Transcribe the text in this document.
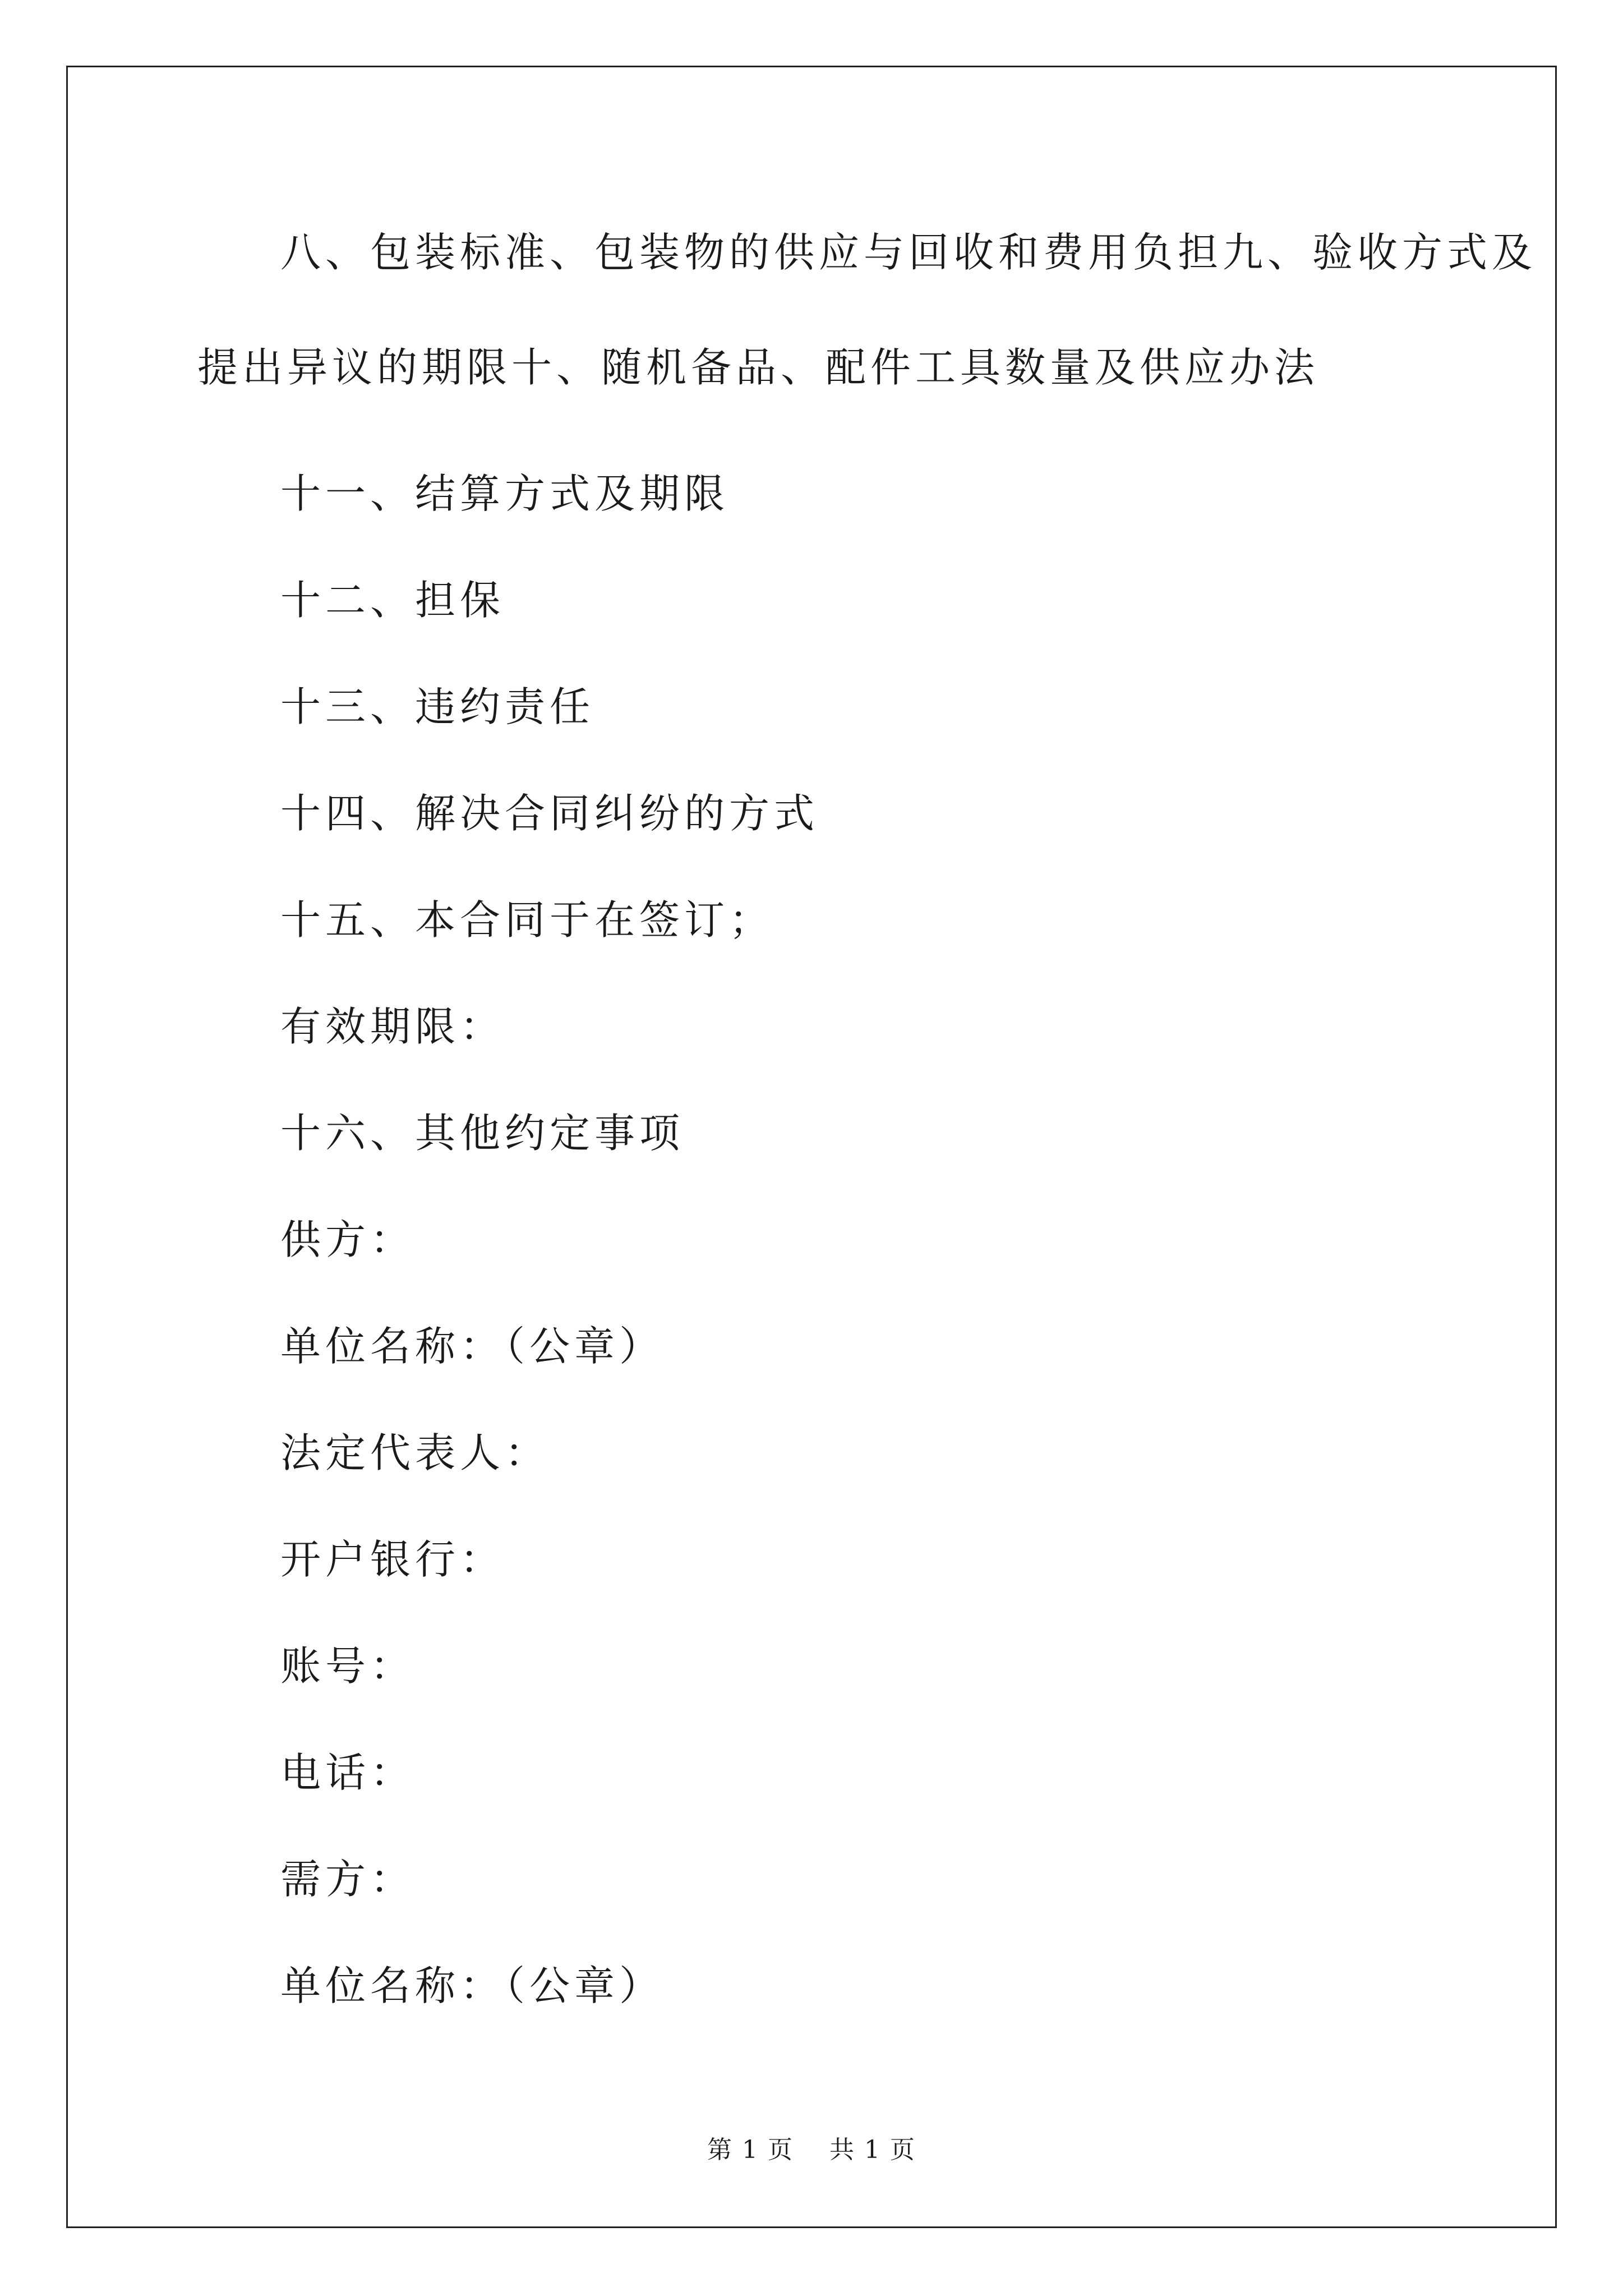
八、包装标准、包装物的供应与回收和费用负担九、验收方式及
提出异议的期限十、随机备品、配件工具数量及供应办法

十一、结算方式及期限

十二、担保

十三、违约责任

十四、解决合同纠纷的方式

十五、本合同于在签订；

有效期限：

十六、其他约定事项

供方：

单位名称：（公章）

法定代表人：

开户银行：

账号：

电话：

需方：

单位名称：（公章）

第 1 页    共 1 页
